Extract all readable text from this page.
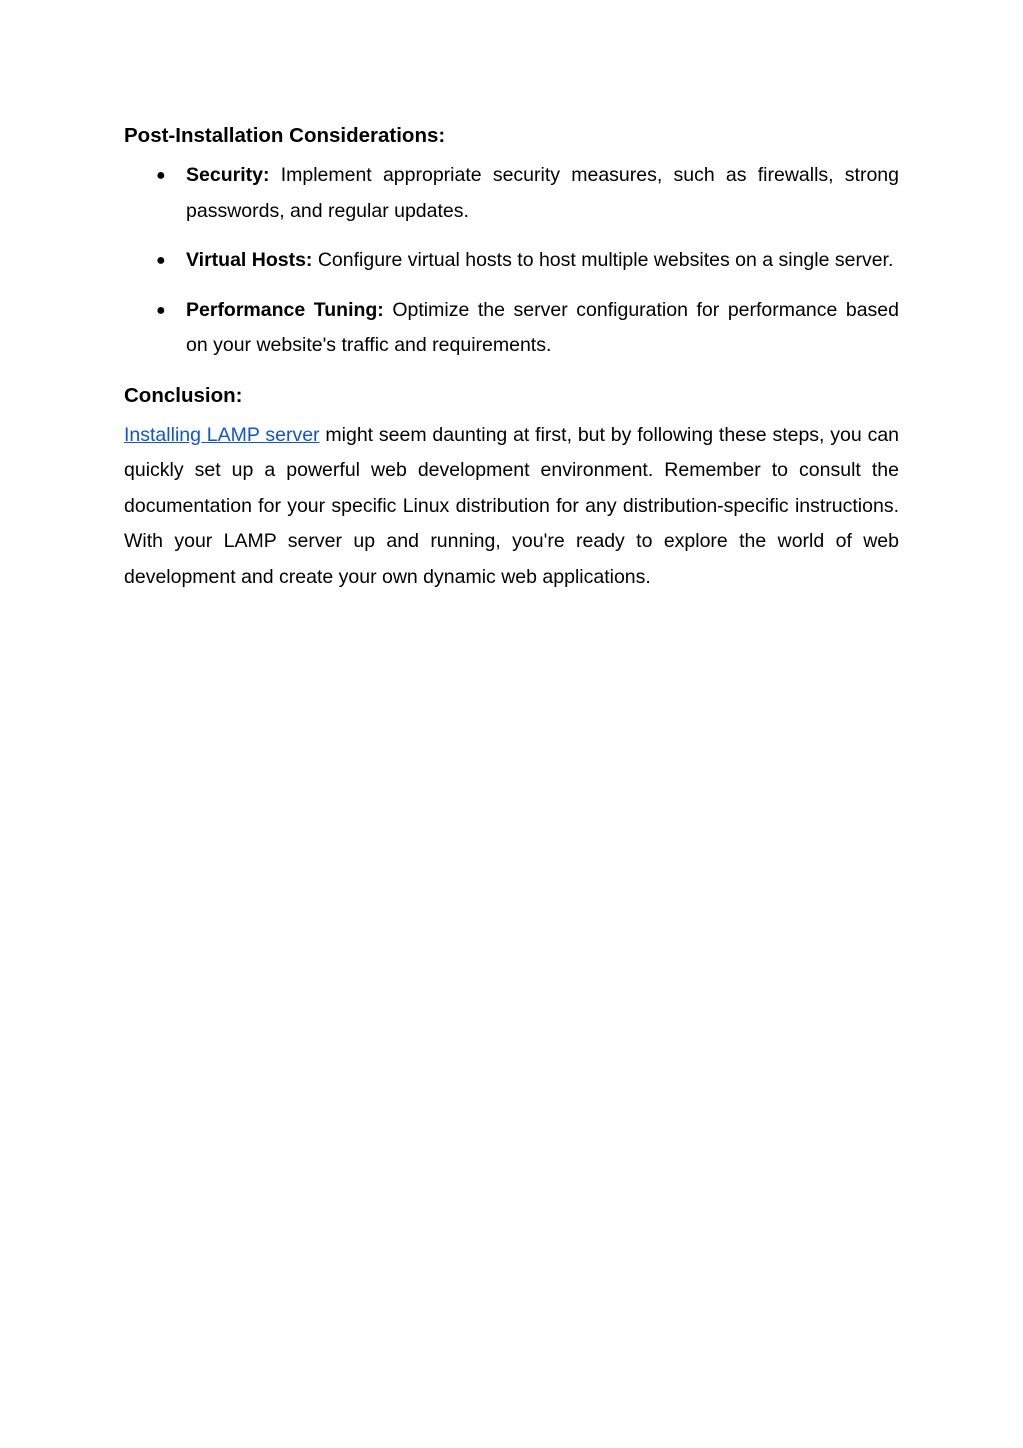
Post-Installation Considerations:
● Security: Implement appropriate security measures, such as firewalls, strong passwords, and regular updates.
● Virtual Hosts: Configure virtual hosts to host multiple websites on a single server.
● Performance Tuning: Optimize the server configuration for performance based on your website's traffic and requirements.
Conclusion:

Installing LAMP server might seem daunting at first, but by following these steps, you can quickly set up a powerful web development environment. Remember to consult the documentation for your specific Linux distribution for any distribution-specific instructions. With your LAMP server up and running, you're ready to explore the world of web development and create your own dynamic web applications.
